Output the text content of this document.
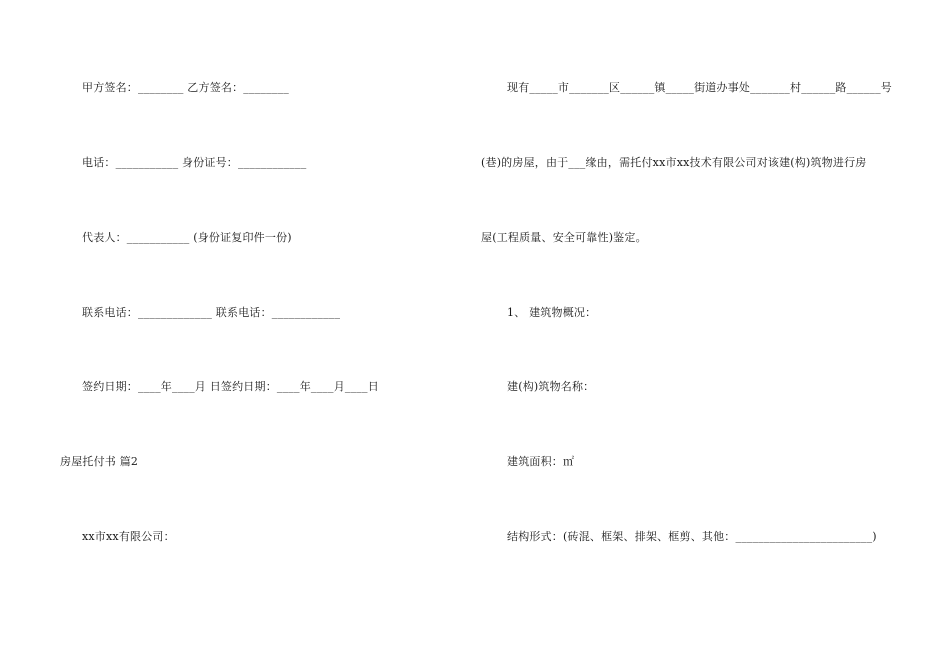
甲方签名：________ 乙方签名：________
电话：___________ 身份证号：____________
代表人：___________ (身份证复印件一份)
联系电话：_____________ 联系电话：____________
签约日期：____年____月 日签约日期：____年____月____日
房屋托付书 篇2
xx市xx有限公司：
现有_____市_______区______镇_____街道办事处_______村______路______号
(巷)的房屋，由于___缘由，需托付xx市xx技术有限公司对该建(构)筑物进行房
屋(工程质量、安全可靠性)鉴定。
1、 建筑物概况：
建(构)筑物名称：
建筑面积：㎡
结构形式：(砖混、框架、排架、框剪、其他：________________________)
